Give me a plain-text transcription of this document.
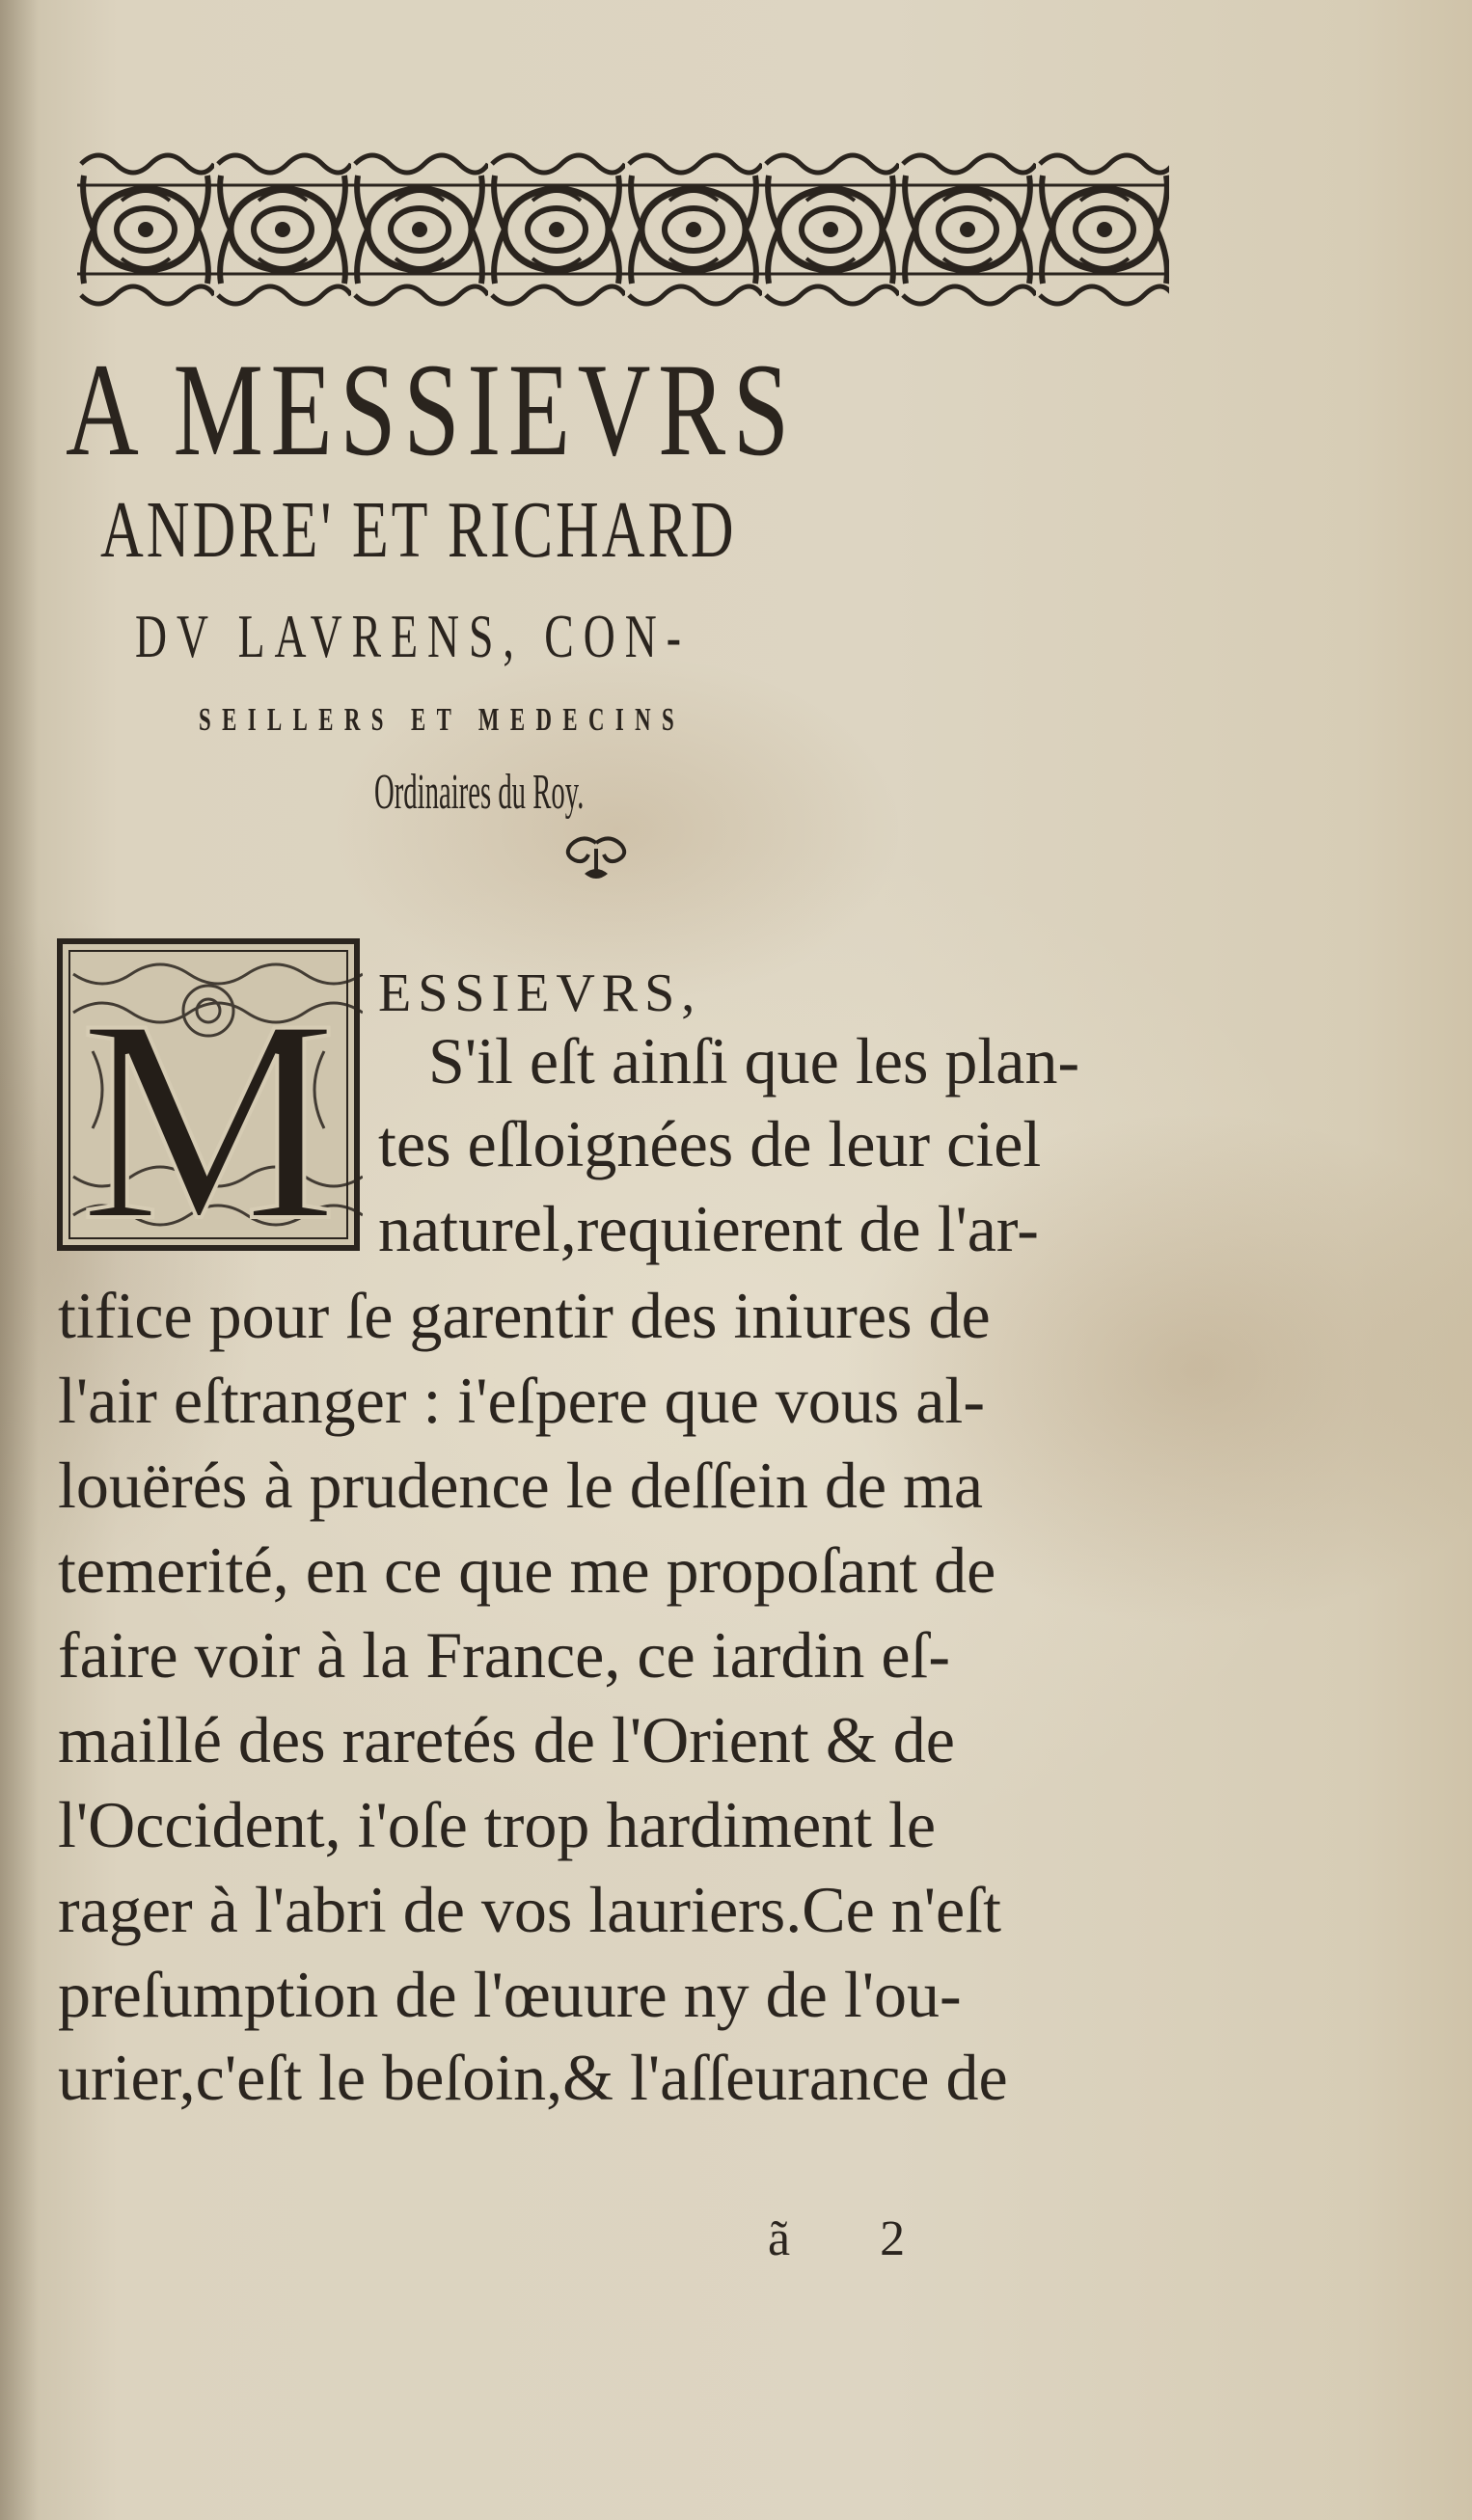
A MESSIEVRS
ANDRE' ET RICHARD
DV LAVRENS, CON-
SEILLERS ET MEDECINS
Ordinaires du Roy.
M ESSIEVRS,
S'il eſt ainſi que les plan-
tes eſloignées de leur ciel
naturel,requierent de l'ar-
tifice pour ſe garentir des iniures de
l'air eſtranger : i'eſpere que vous al-
louërés à prudence le deſſein de ma
temerité, en ce que me propoſant de
faire voir à la France, ce iardin eſ-
maillé des raretés de l'Orient & de
l'Occident, i'oſe trop hardiment le
rager à l'abri de vos lauriers.Ce n'eſt
preſumption de l'œuure ny de l'ou-
urier,c'eſt le beſoin,& l'aſſeurance de
ã 2
